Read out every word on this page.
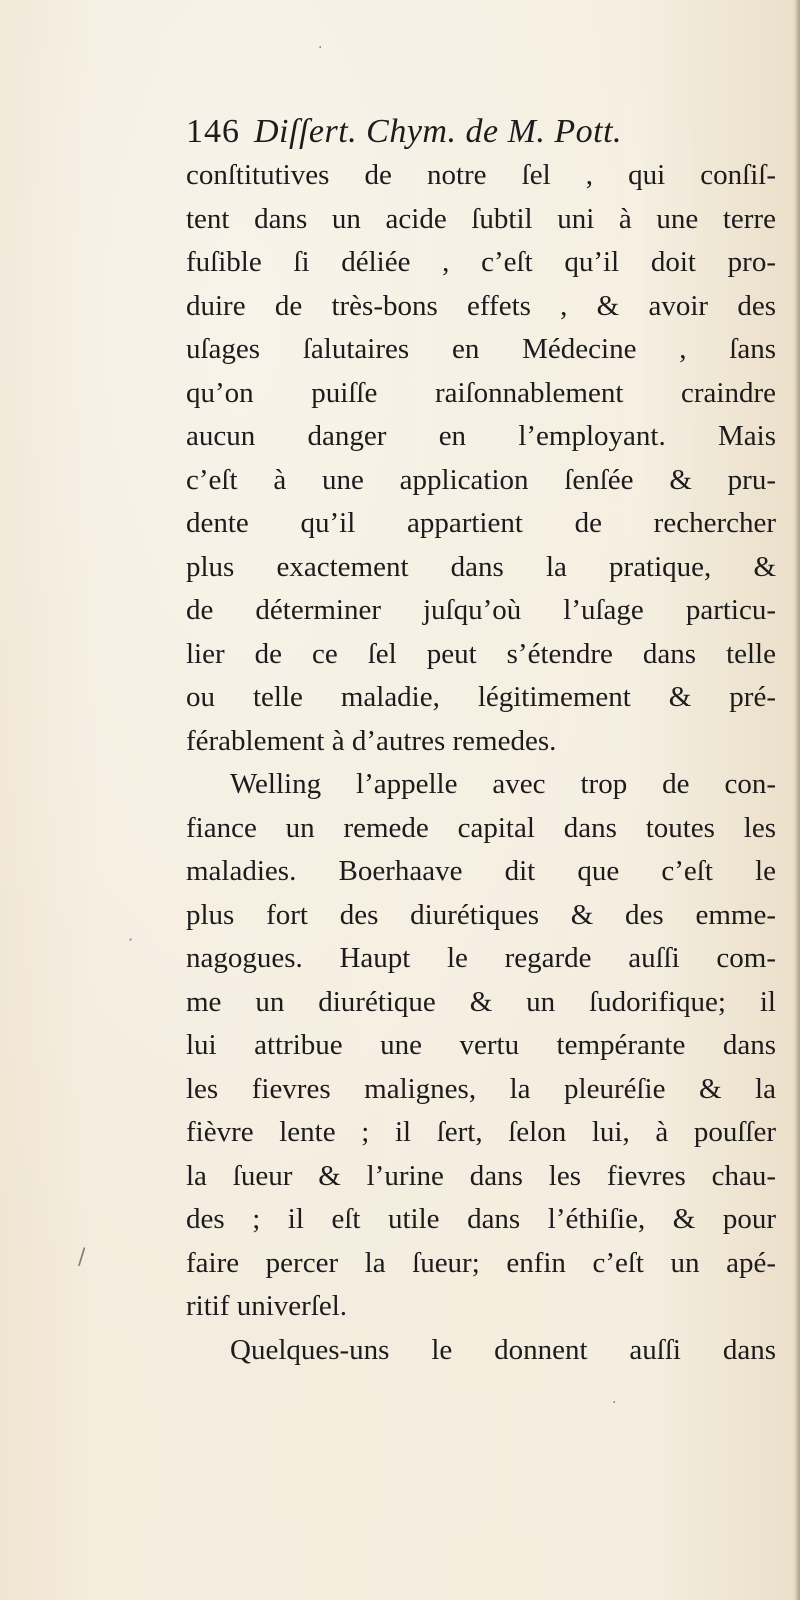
·
·
/
·
146 Diſſert. Chym. de M. Pott.
conſtitutives de notre ſel , qui conſiſ-
tent dans un acide ſubtil uni à une terre
fuſible ſi déliée , c’eſt qu’il doit pro-
duire de très-bons effets , & avoir des
uſages ſalutaires en Médecine , ſans
qu’on puiſſe raiſonnablement craindre
aucun danger en l’employant. Mais
c’eſt à une application ſenſée & pru-
dente qu’il appartient de rechercher
plus exactement dans la pratique, &
de déterminer juſqu’où l’uſage particu-
lier de ce ſel peut s’étendre dans telle
ou telle maladie, légitimement & pré-
férablement à d’autres remedes.
Welling l’appelle avec trop de con-
fiance un remede capital dans toutes les
maladies. Boerhaave dit que c’eſt le
plus fort des diurétiques & des emme-
nagogues. Haupt le regarde auſſi com-
me un diurétique & un ſudorifique; il
lui attribue une vertu tempérante dans
les fievres malignes, la pleuréſie & la
fièvre lente ; il ſert, ſelon lui, à pouſſer
la ſueur & l’urine dans les fievres chau-
des ; il eſt utile dans l’éthiſie, & pour
faire percer la ſueur; enfin c’eſt un apé-
ritif univerſel.
Quelques-uns le donnent auſſi dans
